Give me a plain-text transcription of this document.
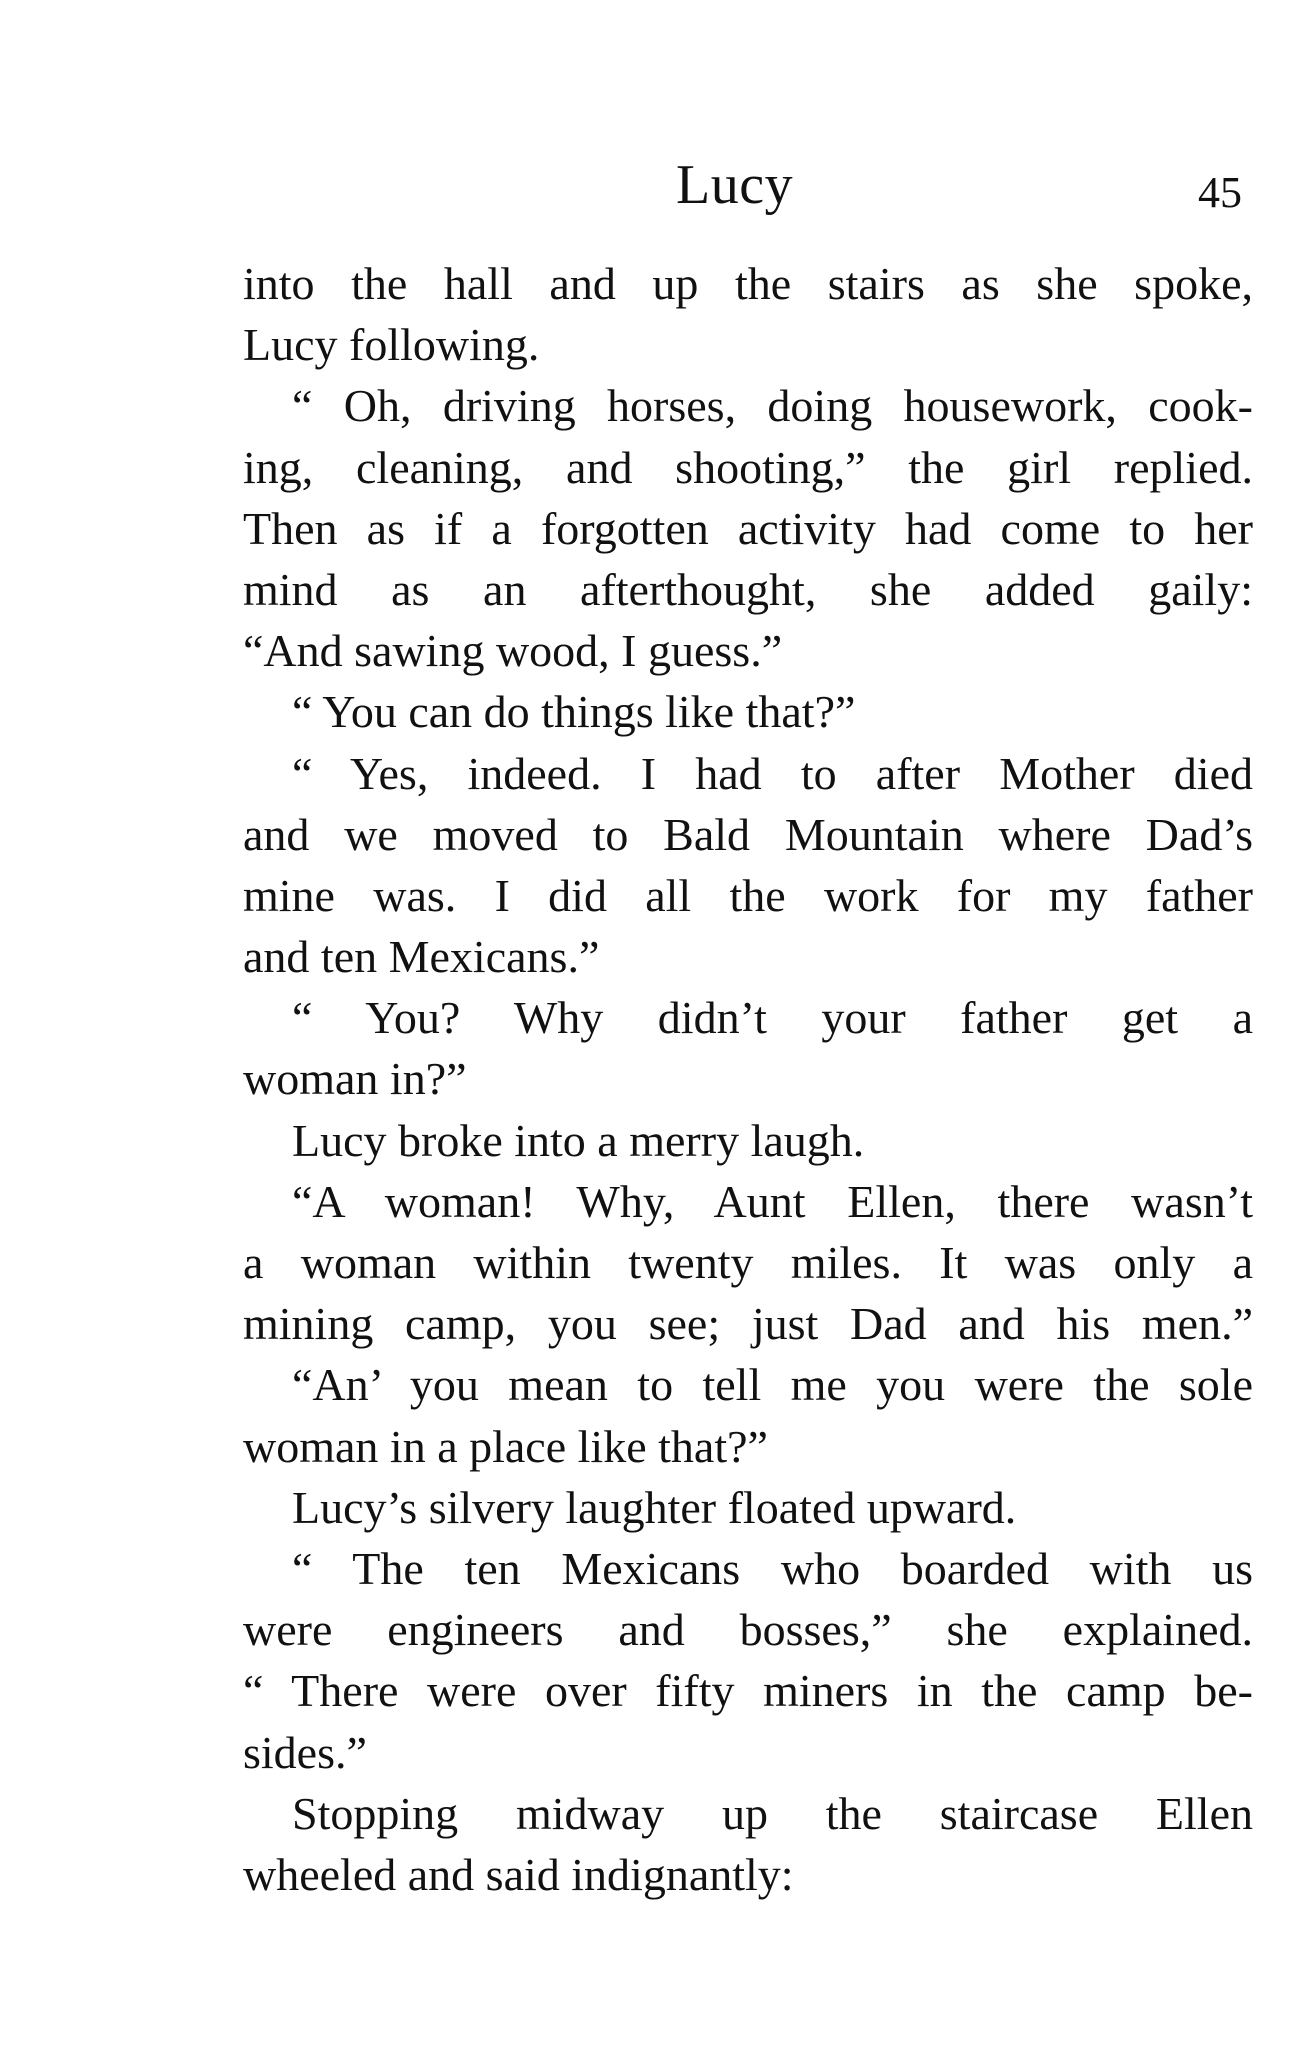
Lucy	45
into the hall and up the stairs as she spoke,
Lucy following.
“ Oh, driving horses, doing housework, cook-
ing, cleaning, and shooting,” the girl replied.
Then as if a forgotten activity had come to her
mind as an afterthought, she added gaily:
“And sawing wood, I guess.”
“ You can do things like that?”
“ Yes, indeed. I had to after Mother died
and we moved to Bald Mountain where Dad’s
mine was. I did all the work for my father
and ten Mexicans.”
“ You? Why didn’t your father get a
woman in?”
Lucy broke into a merry laugh.
“A woman! Why, Aunt Ellen, there wasn’t
a woman within twenty miles. It was only a
mining camp, you see; just Dad and his men.”
“An’ you mean to tell me you were the sole
woman in a place like that?”
Lucy’s silvery laughter floated upward.
“ The ten Mexicans who boarded with us
were engineers and bosses,” she explained.
“ There were over fifty miners in the camp be-
sides.”
Stopping midway up the staircase Ellen
wheeled and said indignantly:
